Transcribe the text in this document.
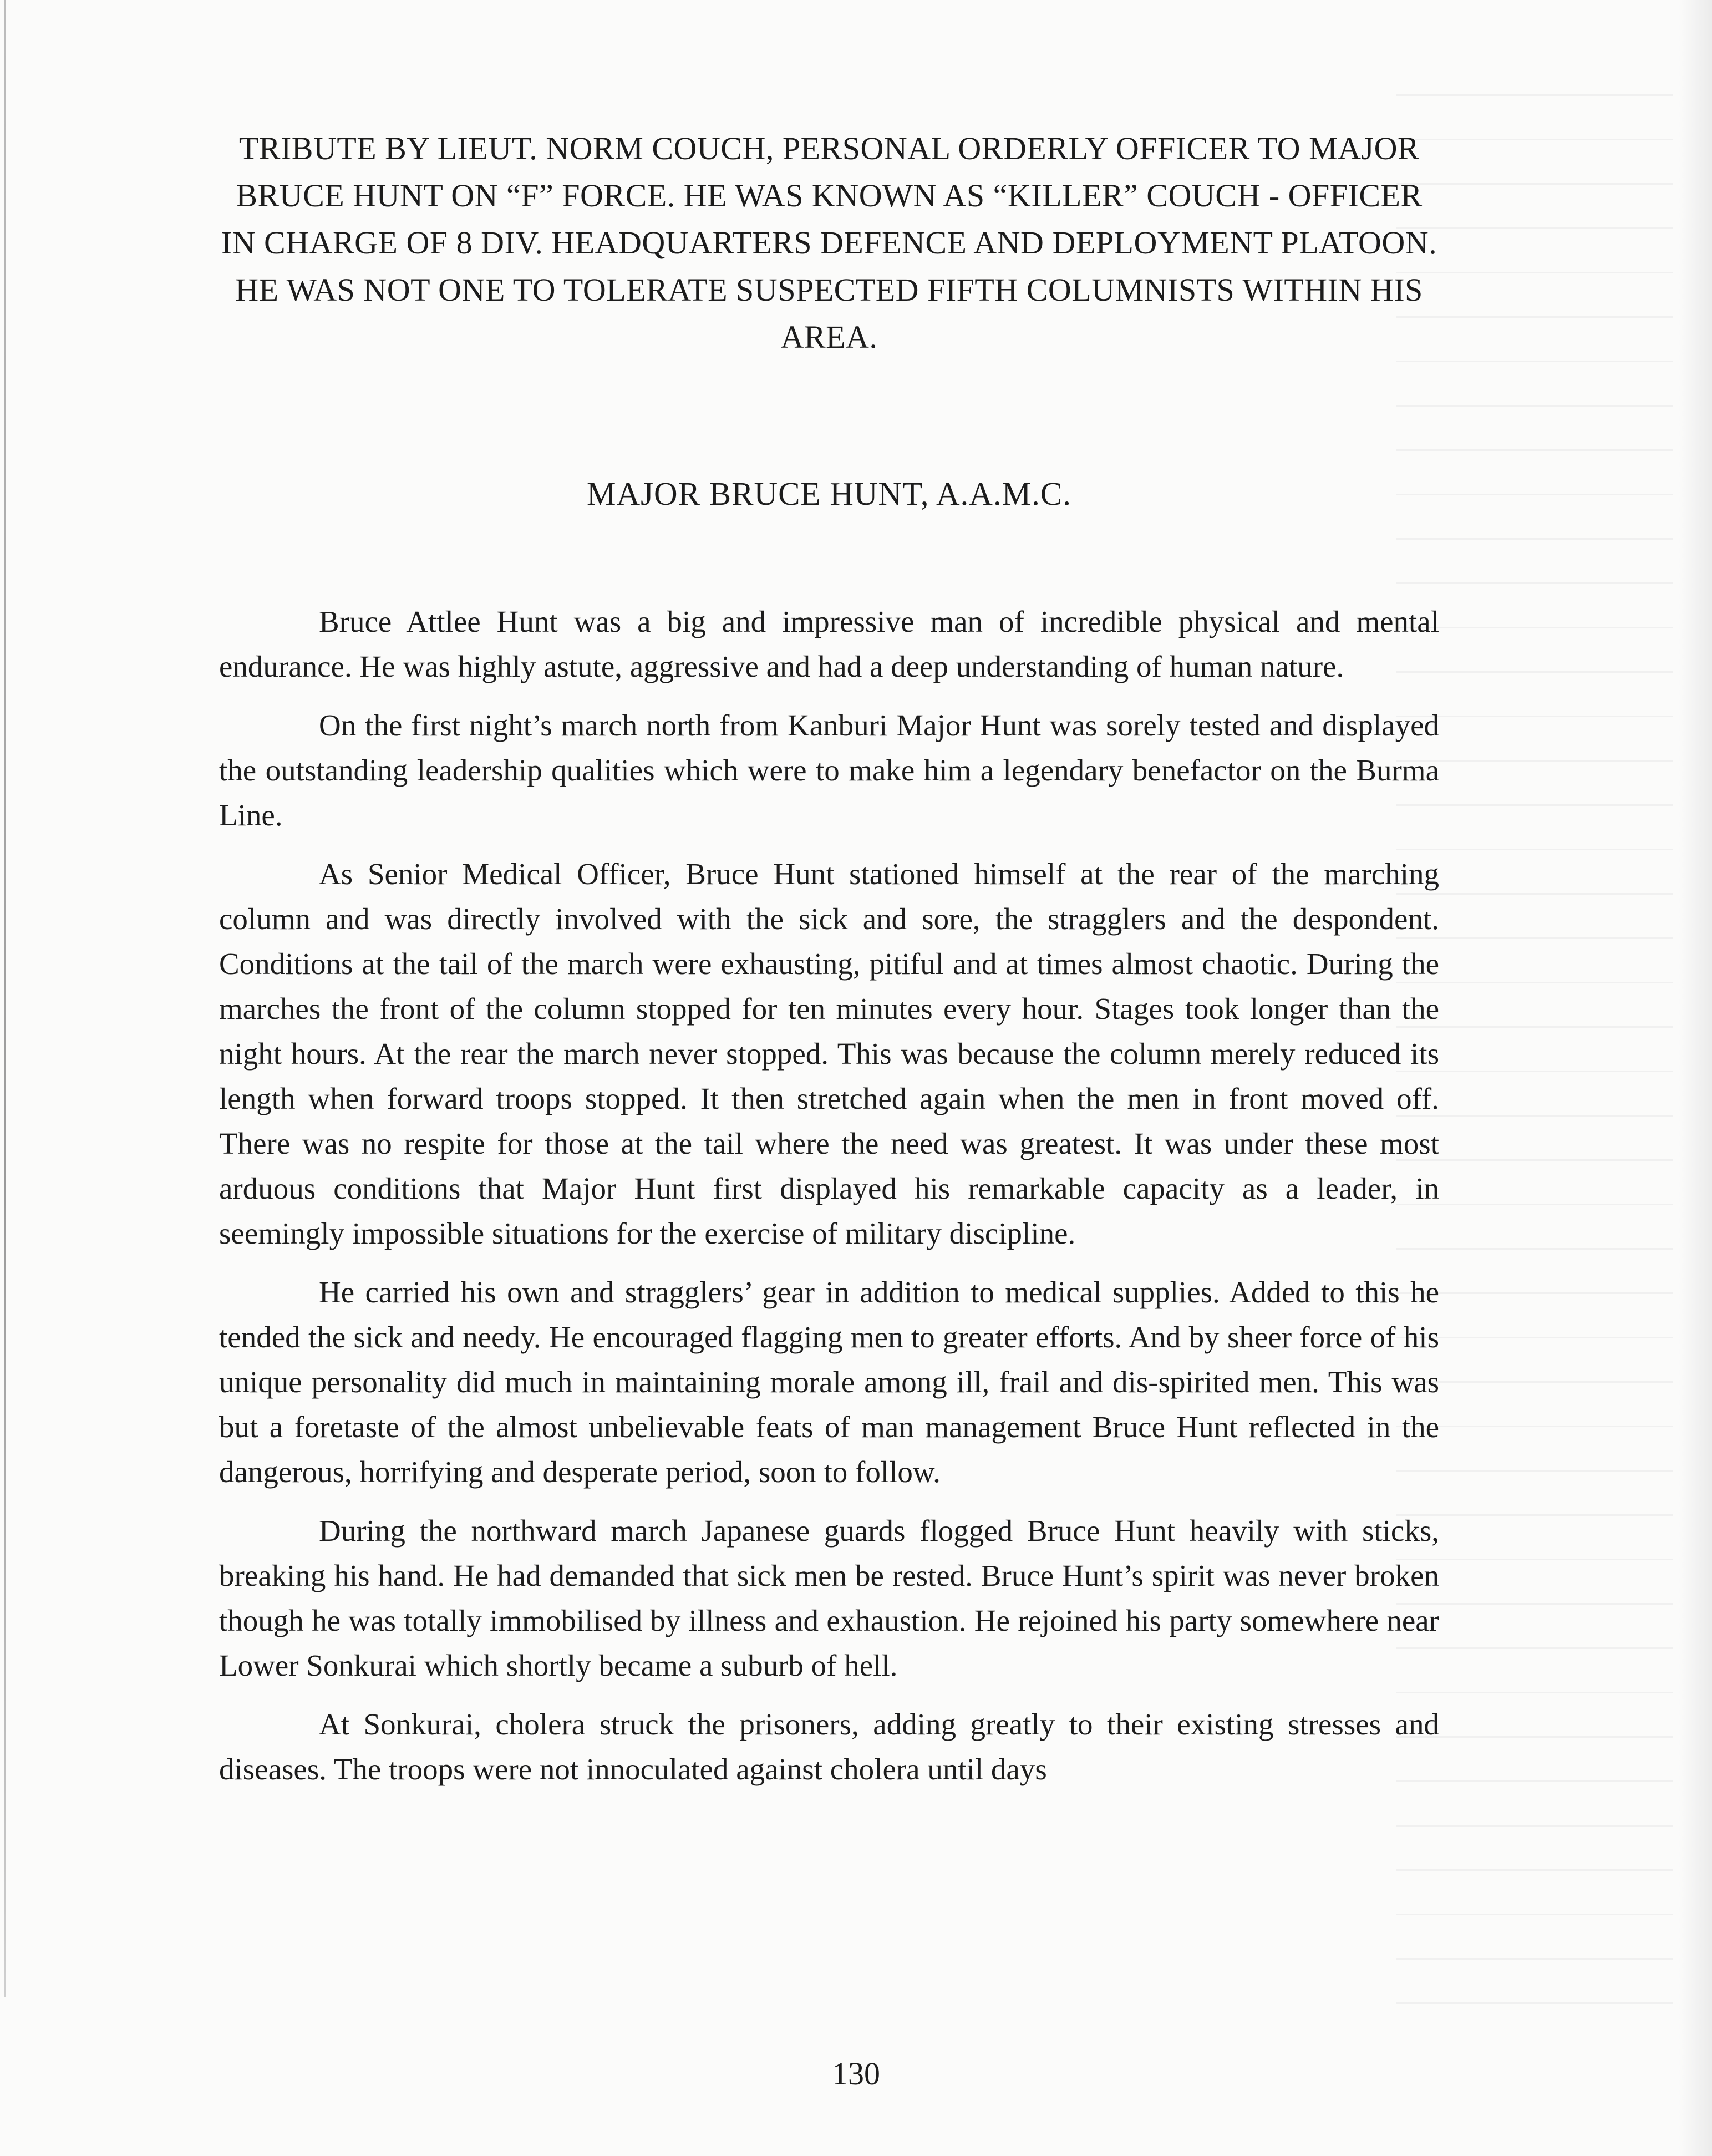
TRIBUTE BY LIEUT. NORM COUCH, PERSONAL ORDERLY OFFICER TO MAJOR BRUCE HUNT ON “F” FORCE. HE WAS KNOWN AS “KILLER” COUCH - OFFICER IN CHARGE OF 8 DIV. HEADQUARTERS DEFENCE AND DEPLOYMENT PLATOON. HE WAS NOT ONE TO TOLERATE SUSPECTED FIFTH COLUMNISTS WITHIN HIS AREA.
MAJOR BRUCE HUNT, A.A.M.C.

Bruce Attlee Hunt was a big and impressive man of incredible physical and mental endurance. He was highly astute, aggressive and had a deep understanding of human nature.

On the first night’s march north from Kanburi Major Hunt was sorely tested and displayed the outstanding leadership qualities which were to make him a legendary benefactor on the Burma Line.

As Senior Medical Officer, Bruce Hunt stationed himself at the rear of the marching column and was directly involved with the sick and sore, the stragglers and the despondent. Conditions at the tail of the march were exhausting, pitiful and at times almost chaotic. During the marches the front of the column stopped for ten minutes every hour. Stages took longer than the night hours. At the rear the march never stopped. This was because the column merely reduced its length when forward troops stopped. It then stretched again when the men in front moved off. There was no respite for those at the tail where the need was greatest. It was under these most arduous conditions that Major Hunt first displayed his remarkable capacity as a leader, in seemingly impossible situations for the exercise of military discipline.

He carried his own and stragglers’ gear in addition to medical supplies. Added to this he tended the sick and needy. He encouraged flagging men to greater efforts. And by sheer force of his unique personality did much in maintaining morale among ill, frail and dis-spirited men. This was but a foretaste of the almost unbelievable feats of man management Bruce Hunt reflected in the dangerous, horrifying and desperate period, soon to follow.

During the northward march Japanese guards flogged Bruce Hunt heavily with sticks, breaking his hand. He had demanded that sick men be rested. Bruce Hunt’s spirit was never broken though he was totally immobilised by illness and exhaustion. He rejoined his party somewhere near Lower Sonkurai which shortly became a suburb of hell.

At Sonkurai, cholera struck the prisoners, adding greatly to their existing stresses and diseases. The troops were not innoculated against cholera until days

130
